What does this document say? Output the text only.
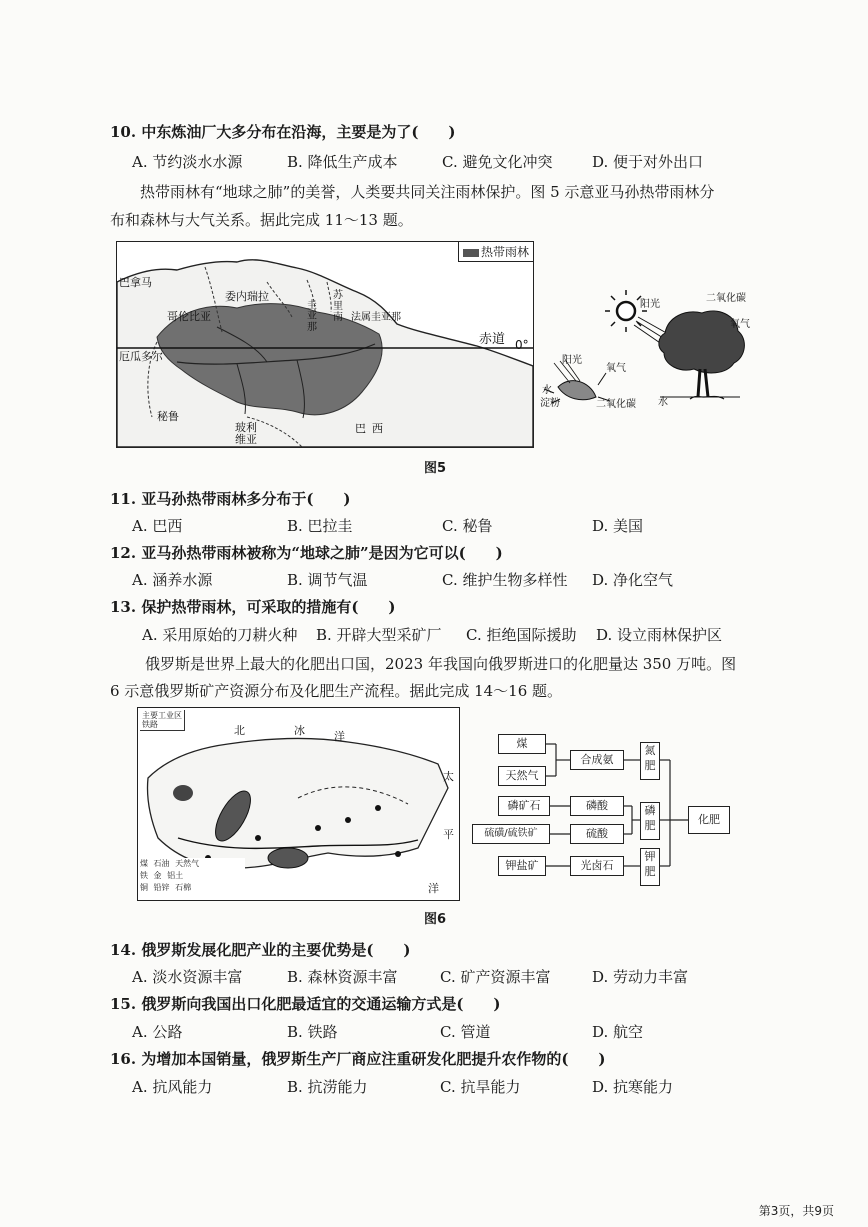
10. 中东炼油厂大多分布在沿海，主要是为了(　　)
A. 节约淡水水源	B. 降低生产成本	C. 避免文化冲突	D. 便于对外出口
热带雨林有“地球之肺”的美誉，人类要共同关注雨林保护。图 5 示意亚马孙热带雨林分
布和森林与大气关系。据此完成 11～13 题。
热带雨林
巴拿马
委内瑞拉
哥伦比亚
圭亚那
苏里南 法属圭亚那
赤道 0°
厄瓜多尔
秘鲁
玻利维亚
巴西
阳光
二氧化碳
氧气
阳光
氧气
水
淀粉	二氧化碳 水
图5
11. 亚马孙热带雨林多分布于(　　)
A. 巴西	B. 巴拉圭	C. 秘鲁	D. 美国
12. 亚马孙热带雨林被称为“地球之肺”是因为它可以(　　)
A. 涵养水源	B. 调节气温	C. 维护生物多样性 D. 净化空气
13. 保护热带雨林，可采取的措施有(　　)
A. 采用原始的刀耕火种 B. 开辟大型采矿厂 C. 拒绝国际援助 D. 设立雨林保护区
俄罗斯是世界上最大的化肥出口国，2023 年我国向俄罗斯进口的化肥量达 350 万吨。图
6 示意俄罗斯矿产资源分布及化肥生产流程。据此完成 14～16 题。
主要工业区
铁路	北	冰	洋
太
平
洋
煤 石油 天然气
铁 金 铝土
铜 铅锌 石棉
煤
天然气
磷矿石
硫磺/硫铁矿
钾盐矿
合成氨
磷酸
硫酸
光卤石
氮肥
磷肥
钾肥
化肥
图6
14. 俄罗斯发展化肥产业的主要优势是(　　)
A. 淡水资源丰富	B. 森林资源丰富	C. 矿产资源丰富	D. 劳动力丰富
15. 俄罗斯向我国出口化肥最适宜的交通运输方式是(　　)
A. 公路	B. 铁路	C. 管道	D. 航空
16. 为增加本国销量，俄罗斯生产厂商应注重研发化肥提升农作物的(　　)
A. 抗风能力	B. 抗涝能力	C. 抗旱能力	D. 抗寒能力
第3页，共9页
